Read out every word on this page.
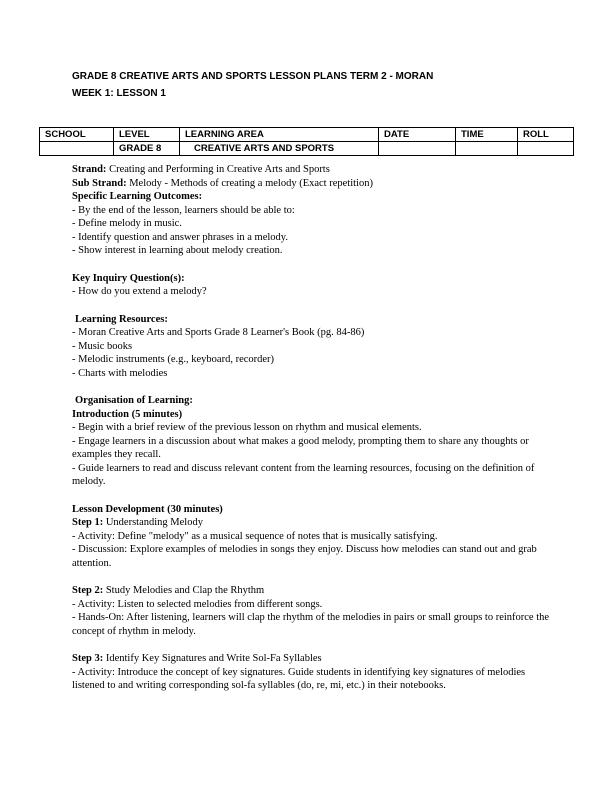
GRADE 8 CREATIVE ARTS AND SPORTS LESSON PLANS TERM 2 - MORAN
WEEK 1: LESSON 1
SCHOOL	LEVEL	LEARNING AREA	DATE	TIME	ROLL
	GRADE 8	CREATIVE ARTS AND SPORTS			

Strand: Creating and Performing in Creative Arts and Sports

Sub Strand: Melody - Methods of creating a melody (Exact repetition)

Specific Learning Outcomes:

- By the end of the lesson, learners should be able to:

- Define melody in music.

- Identify question and answer phrases in a melody.

- Show interest in learning about melody creation.

Key Inquiry Question(s):

- How do you extend a melody?

Learning Resources:

- Moran Creative Arts and Sports Grade 8 Learner's Book (pg. 84-86)

- Music books

- Melodic instruments (e.g., keyboard, recorder)

- Charts with melodies

Organisation of Learning:

Introduction (5 minutes)

- Begin with a brief review of the previous lesson on rhythm and musical elements.

- Engage learners in a discussion about what makes a good melody, prompting them to share any thoughts or examples they recall.

- Guide learners to read and discuss relevant content from the learning resources, focusing on the definition of melody.

Lesson Development (30 minutes)

Step 1: Understanding Melody

- Activity: Define "melody" as a musical sequence of notes that is musically satisfying.

- Discussion: Explore examples of melodies in songs they enjoy. Discuss how melodies can stand out and grab attention.

Step 2: Study Melodies and Clap the Rhythm

- Activity: Listen to selected melodies from different songs.

- Hands-On: After listening, learners will clap the rhythm of the melodies in pairs or small groups to reinforce the concept of rhythm in melody.

Step 3: Identify Key Signatures and Write Sol-Fa Syllables

- Activity: Introduce the concept of key signatures. Guide students in identifying key signatures of melodies listened to and writing corresponding sol-fa syllables (do, re, mi, etc.) in their notebooks.
